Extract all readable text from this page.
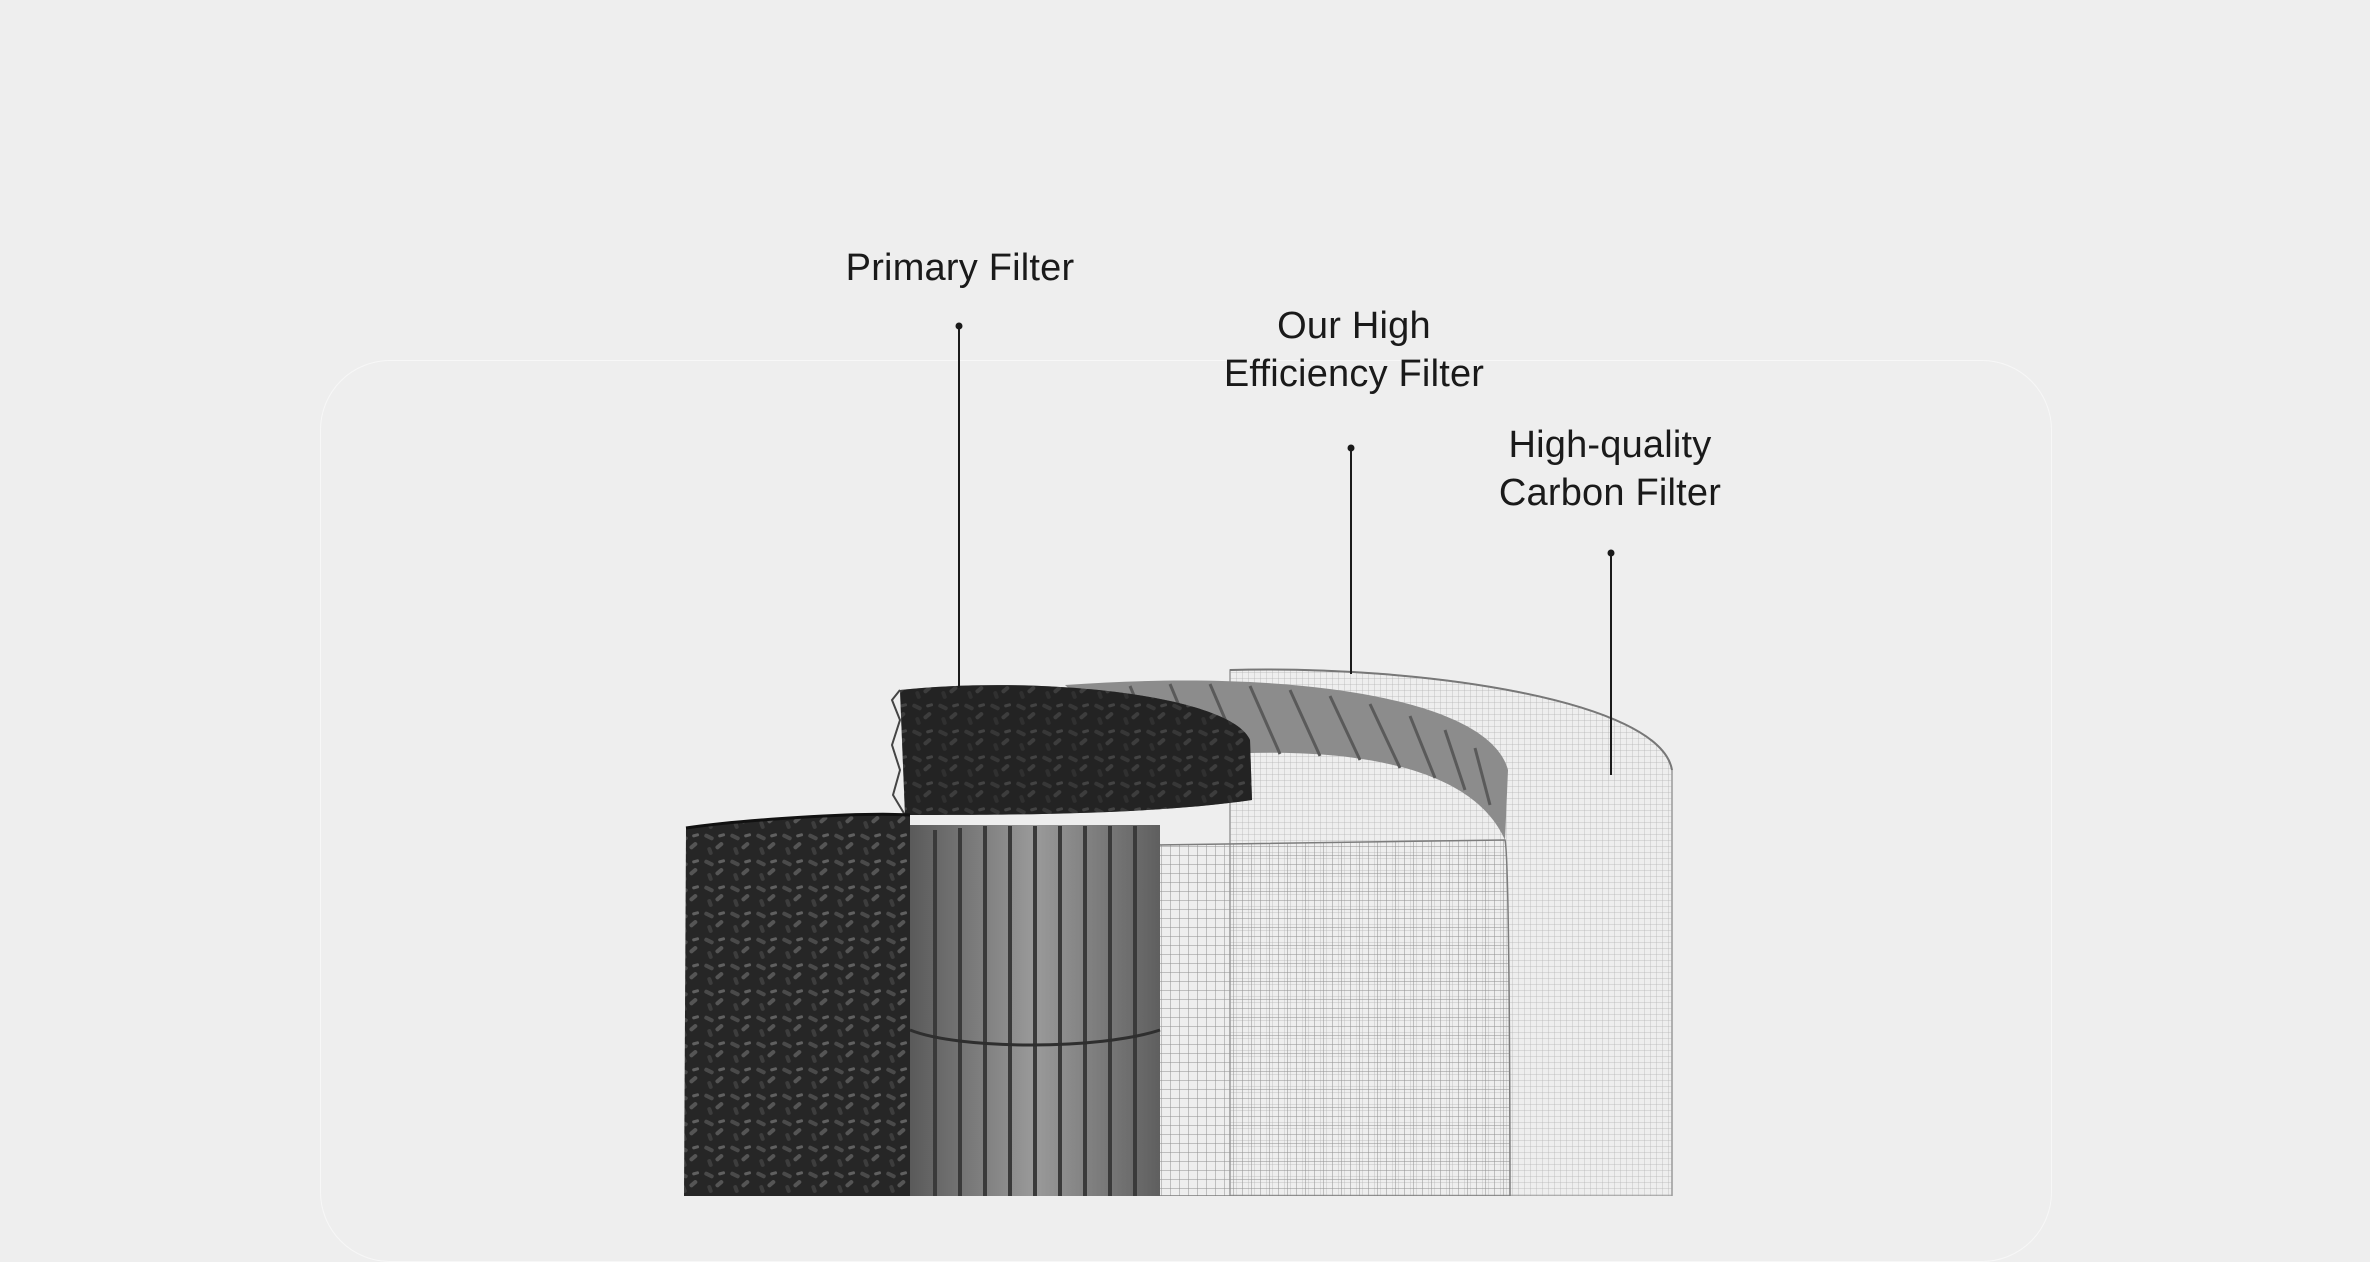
Primary Filter
Our High
Efficiency Filter
High-quality
Carbon Filter
